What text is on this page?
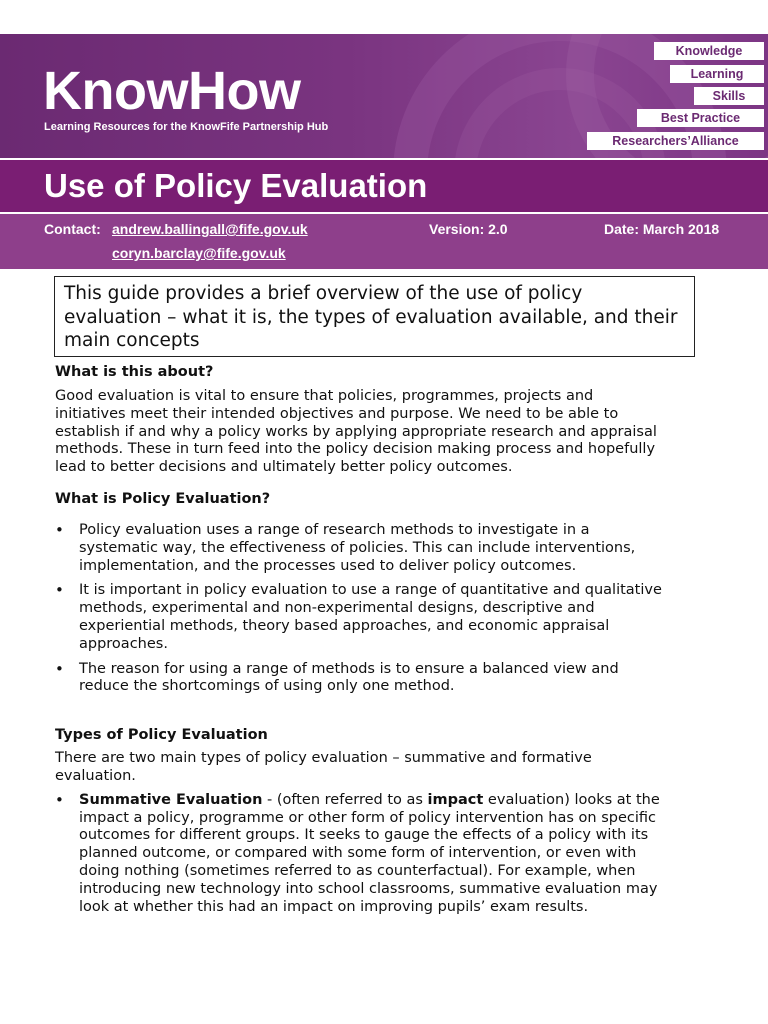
KnowHow
Learning Resources for the KnowFife Partnership Hub
Knowledge
Learning
Skills
Best Practice
Researchers’Alliance
Use of Policy Evaluation
Contact: andrew.ballingall@fife.gov.uk
coryn.barclay@fife.gov.uk
Version: 2.0	Date: March 2018
This guide provides a brief overview of the use of policy evaluation – what it is, the types of evaluation available, and their main concepts
What is this about?
Good evaluation is vital to ensure that policies, programmes, projects and
initiatives meet their intended objectives and purpose. We need to be able to
establish if and why a policy works by applying appropriate research and appraisal
methods. These in turn feed into the policy decision making process and hopefully
lead to better decisions and ultimately better policy outcomes.
What is Policy Evaluation?
• Policy evaluation uses a range of research methods to investigate in a
systematic way, the effectiveness of policies. This can include interventions,
implementation, and the processes used to deliver policy outcomes.
• It is important in policy evaluation to use a range of quantitative and qualitative
methods, experimental and non-experimental designs, descriptive and
experiential methods, theory based approaches, and economic appraisal
approaches.
• The reason for using a range of methods is to ensure a balanced view and
reduce the shortcomings of using only one method.
Types of Policy Evaluation
There are two main types of policy evaluation – summative and formative
evaluation.
• Summative Evaluation - (often referred to as impact evaluation) looks at the
impact a policy, programme or other form of policy intervention has on specific
outcomes for different groups. It seeks to gauge the effects of a policy with its
planned outcome, or compared with some form of intervention, or even with
doing nothing (sometimes referred to as counterfactual). For example, when
introducing new technology into school classrooms, summative evaluation may
look at whether this had an impact on improving pupils’ exam results.
